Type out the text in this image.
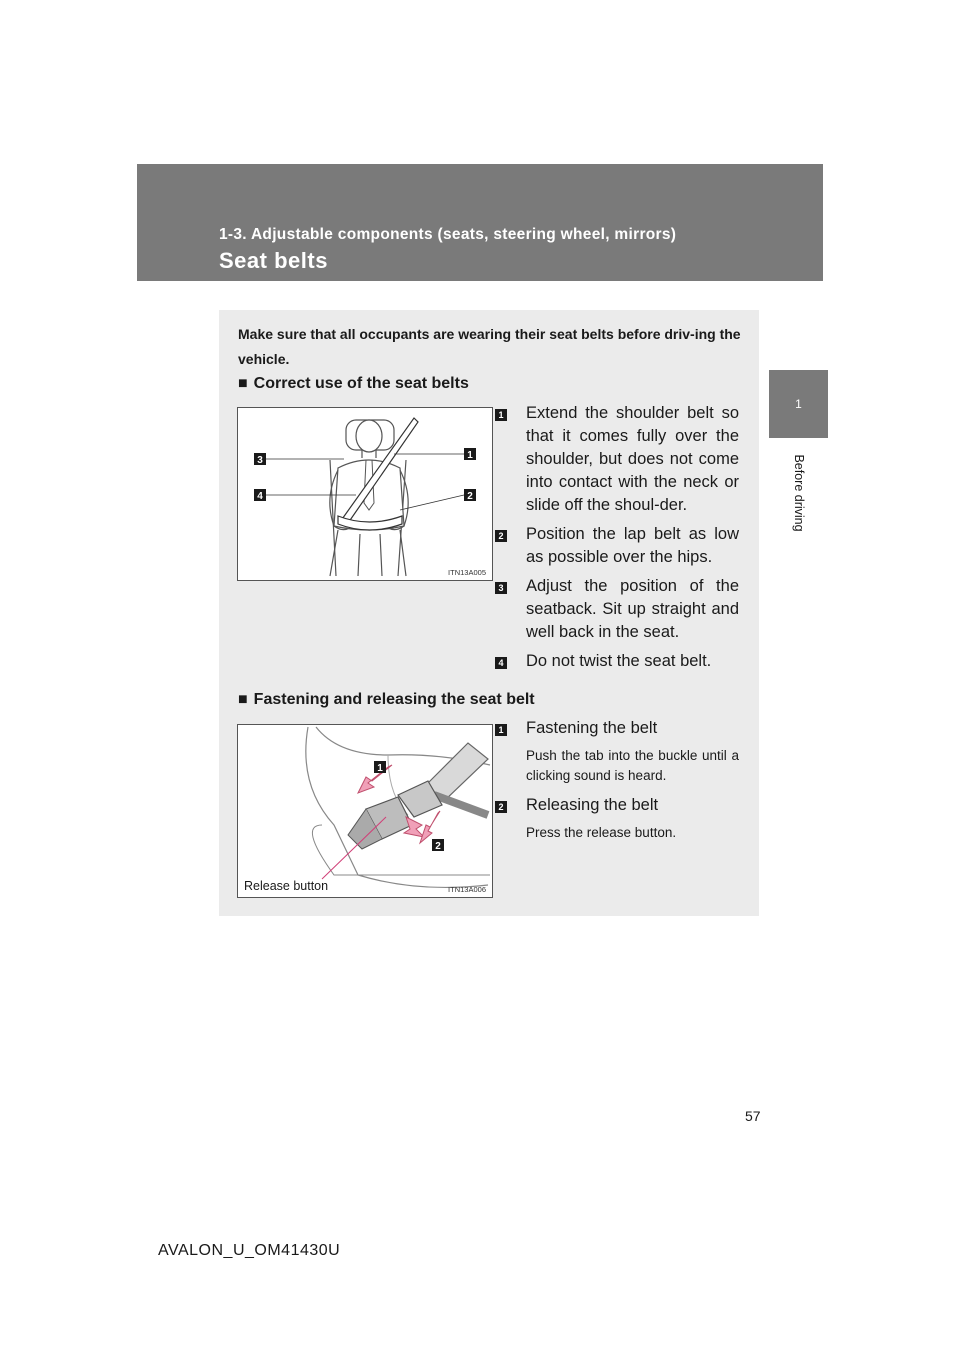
1-3. Adjustable components (seats, steering wheel, mirrors)
Seat belts
1
Before driving
Make sure that all occupants are wearing their seat belts before driv-ing the vehicle.
■ Correct use of the seat belts
1
2
3
4
ITN13A005
1 Extend the shoulder belt so that it comes fully over the shoulder, but does not come into contact with the neck or slide off the shoul-der.
2 Position the lap belt as low as possible over the hips.
3 Adjust the position of the seatback. Sit up straight and well back in the seat.
4 Do not twist the seat belt.
■ Fastening and releasing the seat belt
1
2
Release button	ITN13A006
1 Fastening the belt
Push the tab into the buckle until a clicking sound is heard.
2 Releasing the belt
Press the release button.
57
AVALON_U_OM41430U
